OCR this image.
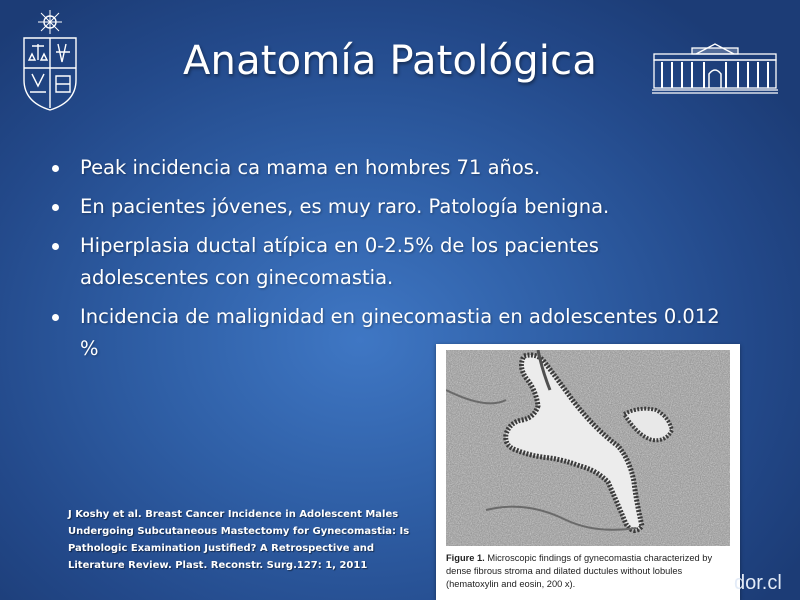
Anatomía Patológica
Peak incidencia ca mama en hombres 71 años.
En pacientes jóvenes, es muy raro. Patología benigna.
Hiperplasia ductal atípica en 0-2.5% de los pacientes adolescentes con ginecomastia.
Incidencia de malignidad en ginecomastia en adolescentes 0.012 %
Figure 1. Microscopic findings of gynecomastia characterized by dense fibrous stroma and dilated ductules without lobules (hematoxylin and eosin, 200 x).
J Koshy et al. Breast Cancer Incidence in Adolescent Males Undergoing Subcutaneous Mastectomy for Gynecomastia: Is Pathologic Examination Justified? A Retrospective and Literature Review. Plast. Reconstr. Surg.127: 1, 2011
dor.cl
